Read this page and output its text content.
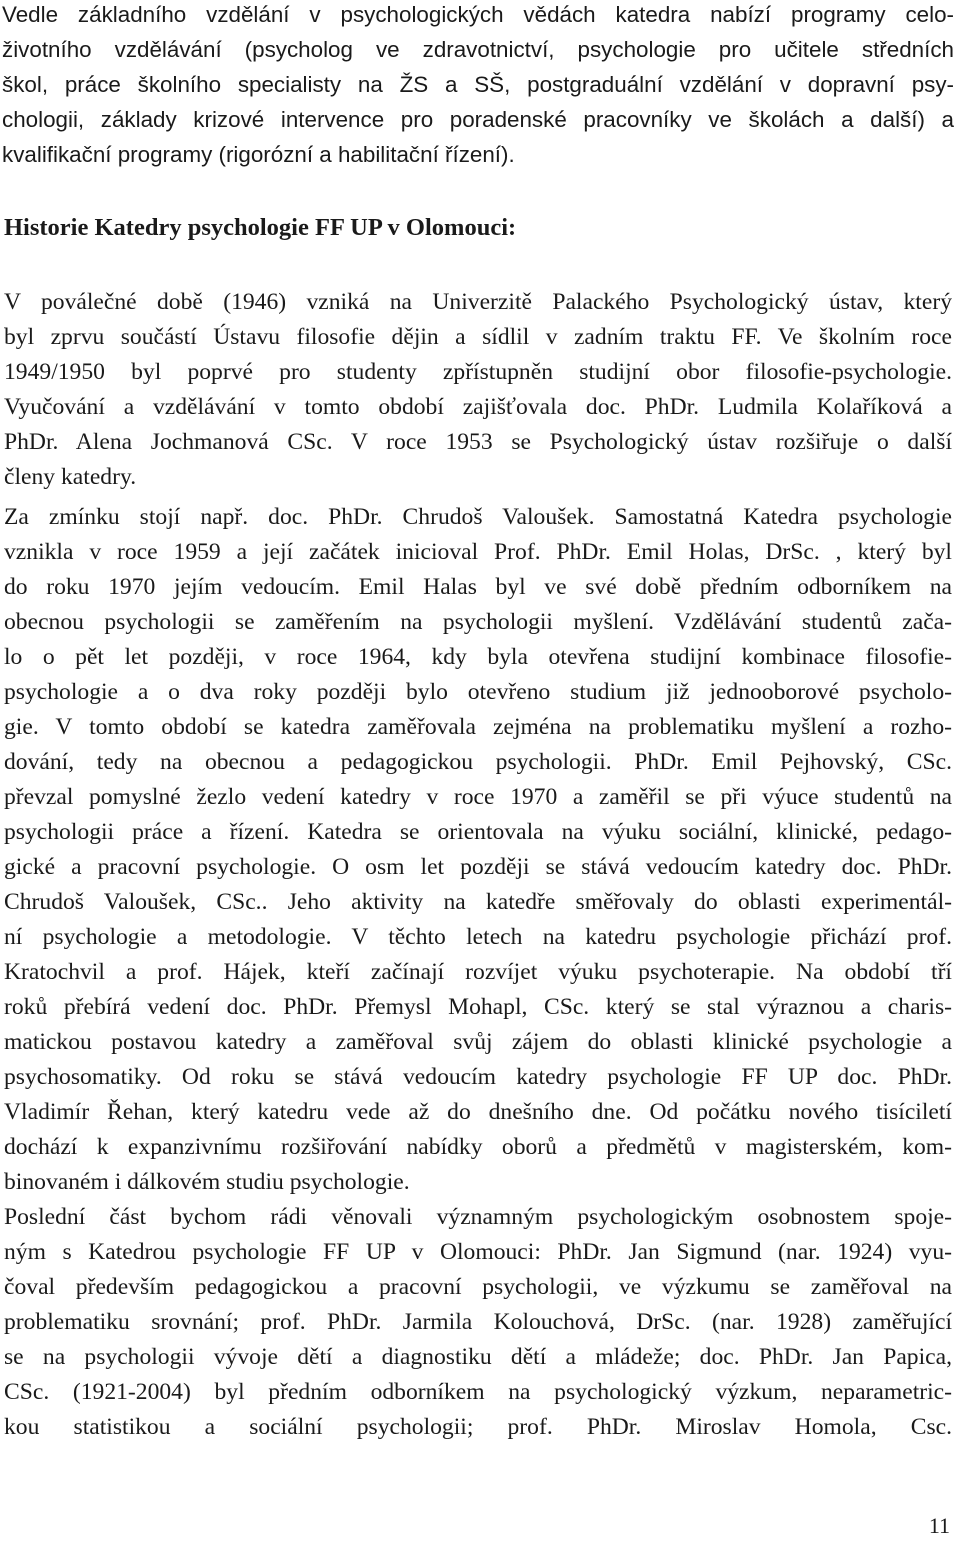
Vedle základního vzdělání v psychologických vědách katedra nabízí programy celo-
životního vzdělávání (psycholog ve zdravotnictví, psychologie pro učitele středních
škol, práce školního specialisty na ŽS a SŠ, postgraduální vzdělání v dopravní psy-
chologii, základy krizové intervence pro poradenské pracovníky ve školách a další) a
kvalifikační programy (rigorózní a habilitační řízení).
Historie Katedry psychologie FF UP v Olomouci:
V poválečné době (1946) vzniká na Univerzitě Palackého Psychologický ústav, který
byl zprvu součástí Ústavu filosofie dějin a sídlil v zadním traktu FF. Ve školním roce
1949/1950 byl poprvé pro studenty zpřístupněn studijní obor filosofie-psychologie.
Vyučování a vzdělávání v tomto období zajišťovala doc. PhDr. Ludmila Kolaříková a
PhDr. Alena Jochmanová CSc. V roce 1953 se Psychologický ústav rozšiřuje o další
členy katedry.
Za zmínku stojí např. doc. PhDr. Chrudoš Valoušek. Samostatná Katedra psychologie
vznikla v roce 1959 a její začátek inicioval Prof. PhDr. Emil Holas, DrSc. , který byl
do roku 1970 jejím vedoucím. Emil Halas byl ve své době předním odborníkem na
obecnou psychologii se zaměřením na psychologii myšlení. Vzdělávání studentů zača-
lo o pět let později, v roce 1964, kdy byla otevřena studijní kombinace filosofie-
psychologie a o dva roky později bylo otevřeno studium již jednooborové psycholo-
gie. V tomto období se katedra zaměřovala zejména na problematiku myšlení a rozho-
dování, tedy na obecnou a pedagogickou psychologii. PhDr. Emil Pejhovský, CSc.
převzal pomyslné žezlo vedení katedry v roce 1970 a zaměřil se při výuce studentů na
psychologii práce a řízení. Katedra se orientovala na výuku sociální, klinické, pedago-
gické a pracovní psychologie. O osm let později se stává vedoucím katedry doc. PhDr.
Chrudoš Valoušek, CSc.. Jeho aktivity na katedře směřovaly do oblasti experimentál-
ní psychologie a metodologie. V těchto letech na katedru psychologie přichází prof.
Kratochvil a prof. Hájek, kteří začínají rozvíjet výuku psychoterapie. Na období tří
roků přebírá vedení doc. PhDr. Přemysl Mohapl, CSc. který se stal výraznou a charis-
matickou postavou katedry a zaměřoval svůj zájem do oblasti klinické psychologie a
psychosomatiky. Od roku se stává vedoucím katedry psychologie FF UP doc. PhDr.
Vladimír Řehan, který katedru vede až do dnešního dne. Od počátku nového tisíciletí
dochází k expanzivnímu rozšiřování nabídky oborů a předmětů v magisterském, kom-
binovaném i dálkovém studiu psychologie.
Poslední část bychom rádi věnovali významným psychologickým osobnostem spoje-
ným s Katedrou psychologie FF UP v Olomouci: PhDr. Jan Sigmund (nar. 1924) vyu-
čoval především pedagogickou a pracovní psychologii, ve výzkumu se zaměřoval na
problematiku srovnání; prof. PhDr. Jarmila Kolouchová, DrSc. (nar. 1928) zaměřující
se na psychologii vývoje dětí a diagnostiku dětí a mládeže; doc. PhDr. Jan Papica,
CSc. (1921-2004) byl předním odborníkem na psychologický výzkum, neparametric-
kou statistikou a sociální psychologii; prof. PhDr. Miroslav Homola, Csc.
11
